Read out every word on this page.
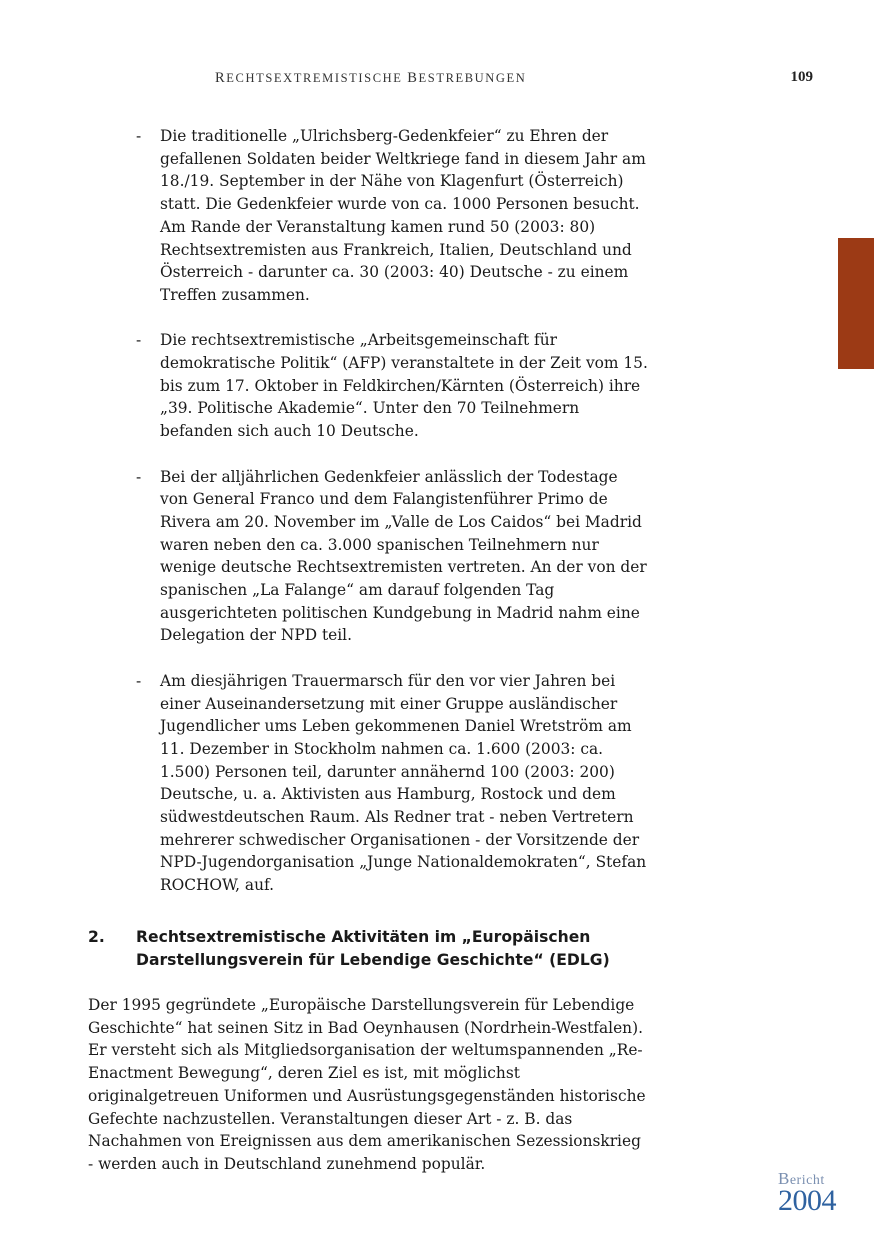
RECHTSEXTREMISTISCHE BESTREBUNGEN	109
- Die traditionelle „Ulrichsberg-Gedenkfeier“ zu Ehren der gefallenen Soldaten beider Weltkriege fand in diesem Jahr am 18./19. September in der Nähe von Klagenfurt (Österreich) statt. Die Gedenkfeier wurde von ca. 1000 Personen besucht. Am Rande der Veranstaltung kamen rund 50 (2003: 80) Rechtsextremisten aus Frankreich, Italien, Deutschland und Österreich - darunter ca. 30 (2003: 40) Deutsche - zu einem Treffen zusammen.
- Die rechtsextremistische „Arbeitsgemeinschaft für demokratische Politik“ (AFP) veranstaltete in der Zeit vom 15. bis zum 17. Oktober in Feldkirchen/Kärnten (Österreich) ihre „39. Politische Akademie“. Unter den 70 Teilnehmern befanden sich auch 10 Deutsche.
- Bei der alljährlichen Gedenkfeier anlässlich der Todestage von General Franco und dem Falangistenführer Primo de Rivera am 20. November im „Valle de Los Caidos“ bei Madrid waren neben den ca. 3.000 spanischen Teilnehmern nur wenige deutsche Rechtsextremisten vertreten. An der von der spanischen „La Falange“ am darauf folgenden Tag ausgerichteten politischen Kundgebung in Madrid nahm eine Delegation der NPD teil.
- Am diesjährigen Trauermarsch für den vor vier Jahren bei einer Auseinandersetzung mit einer Gruppe ausländischer Jugendlicher ums Leben gekommenen Daniel Wretström am 11. Dezember in Stockholm nahmen ca. 1.600 (2003: ca. 1.500) Personen teil, darunter annähernd 100 (2003: 200) Deutsche, u. a. Aktivisten aus Hamburg, Rostock und dem südwestdeutschen Raum. Als Redner trat - neben Vertretern mehrerer schwedischer Organisationen - der Vorsitzende der NPD-Jugendorganisation „Junge Nationaldemokraten“, Stefan ROCHOW, auf.
2. Rechtsextremistische Aktivitäten im „Europäischen Darstellungsverein für Lebendige Geschichte“ (EDLG)

Der 1995 gegründete „Europäische Darstellungsverein für Lebendige Geschichte“ hat seinen Sitz in Bad Oeynhausen (Nordrhein-Westfalen). Er versteht sich als Mitgliedsorganisation der weltumspannenden „Re-Enactment Bewegung“, deren Ziel es ist, mit möglichst originalgetreuen Uniformen und Ausrüstungsgegenständen historische Gefechte nachzustellen. Veranstaltungen dieser Art - z. B. das Nachahmen von Ereignissen aus dem amerikanischen Sezessionskrieg - werden auch in Deutschland zunehmend populär.

Bericht
2004
